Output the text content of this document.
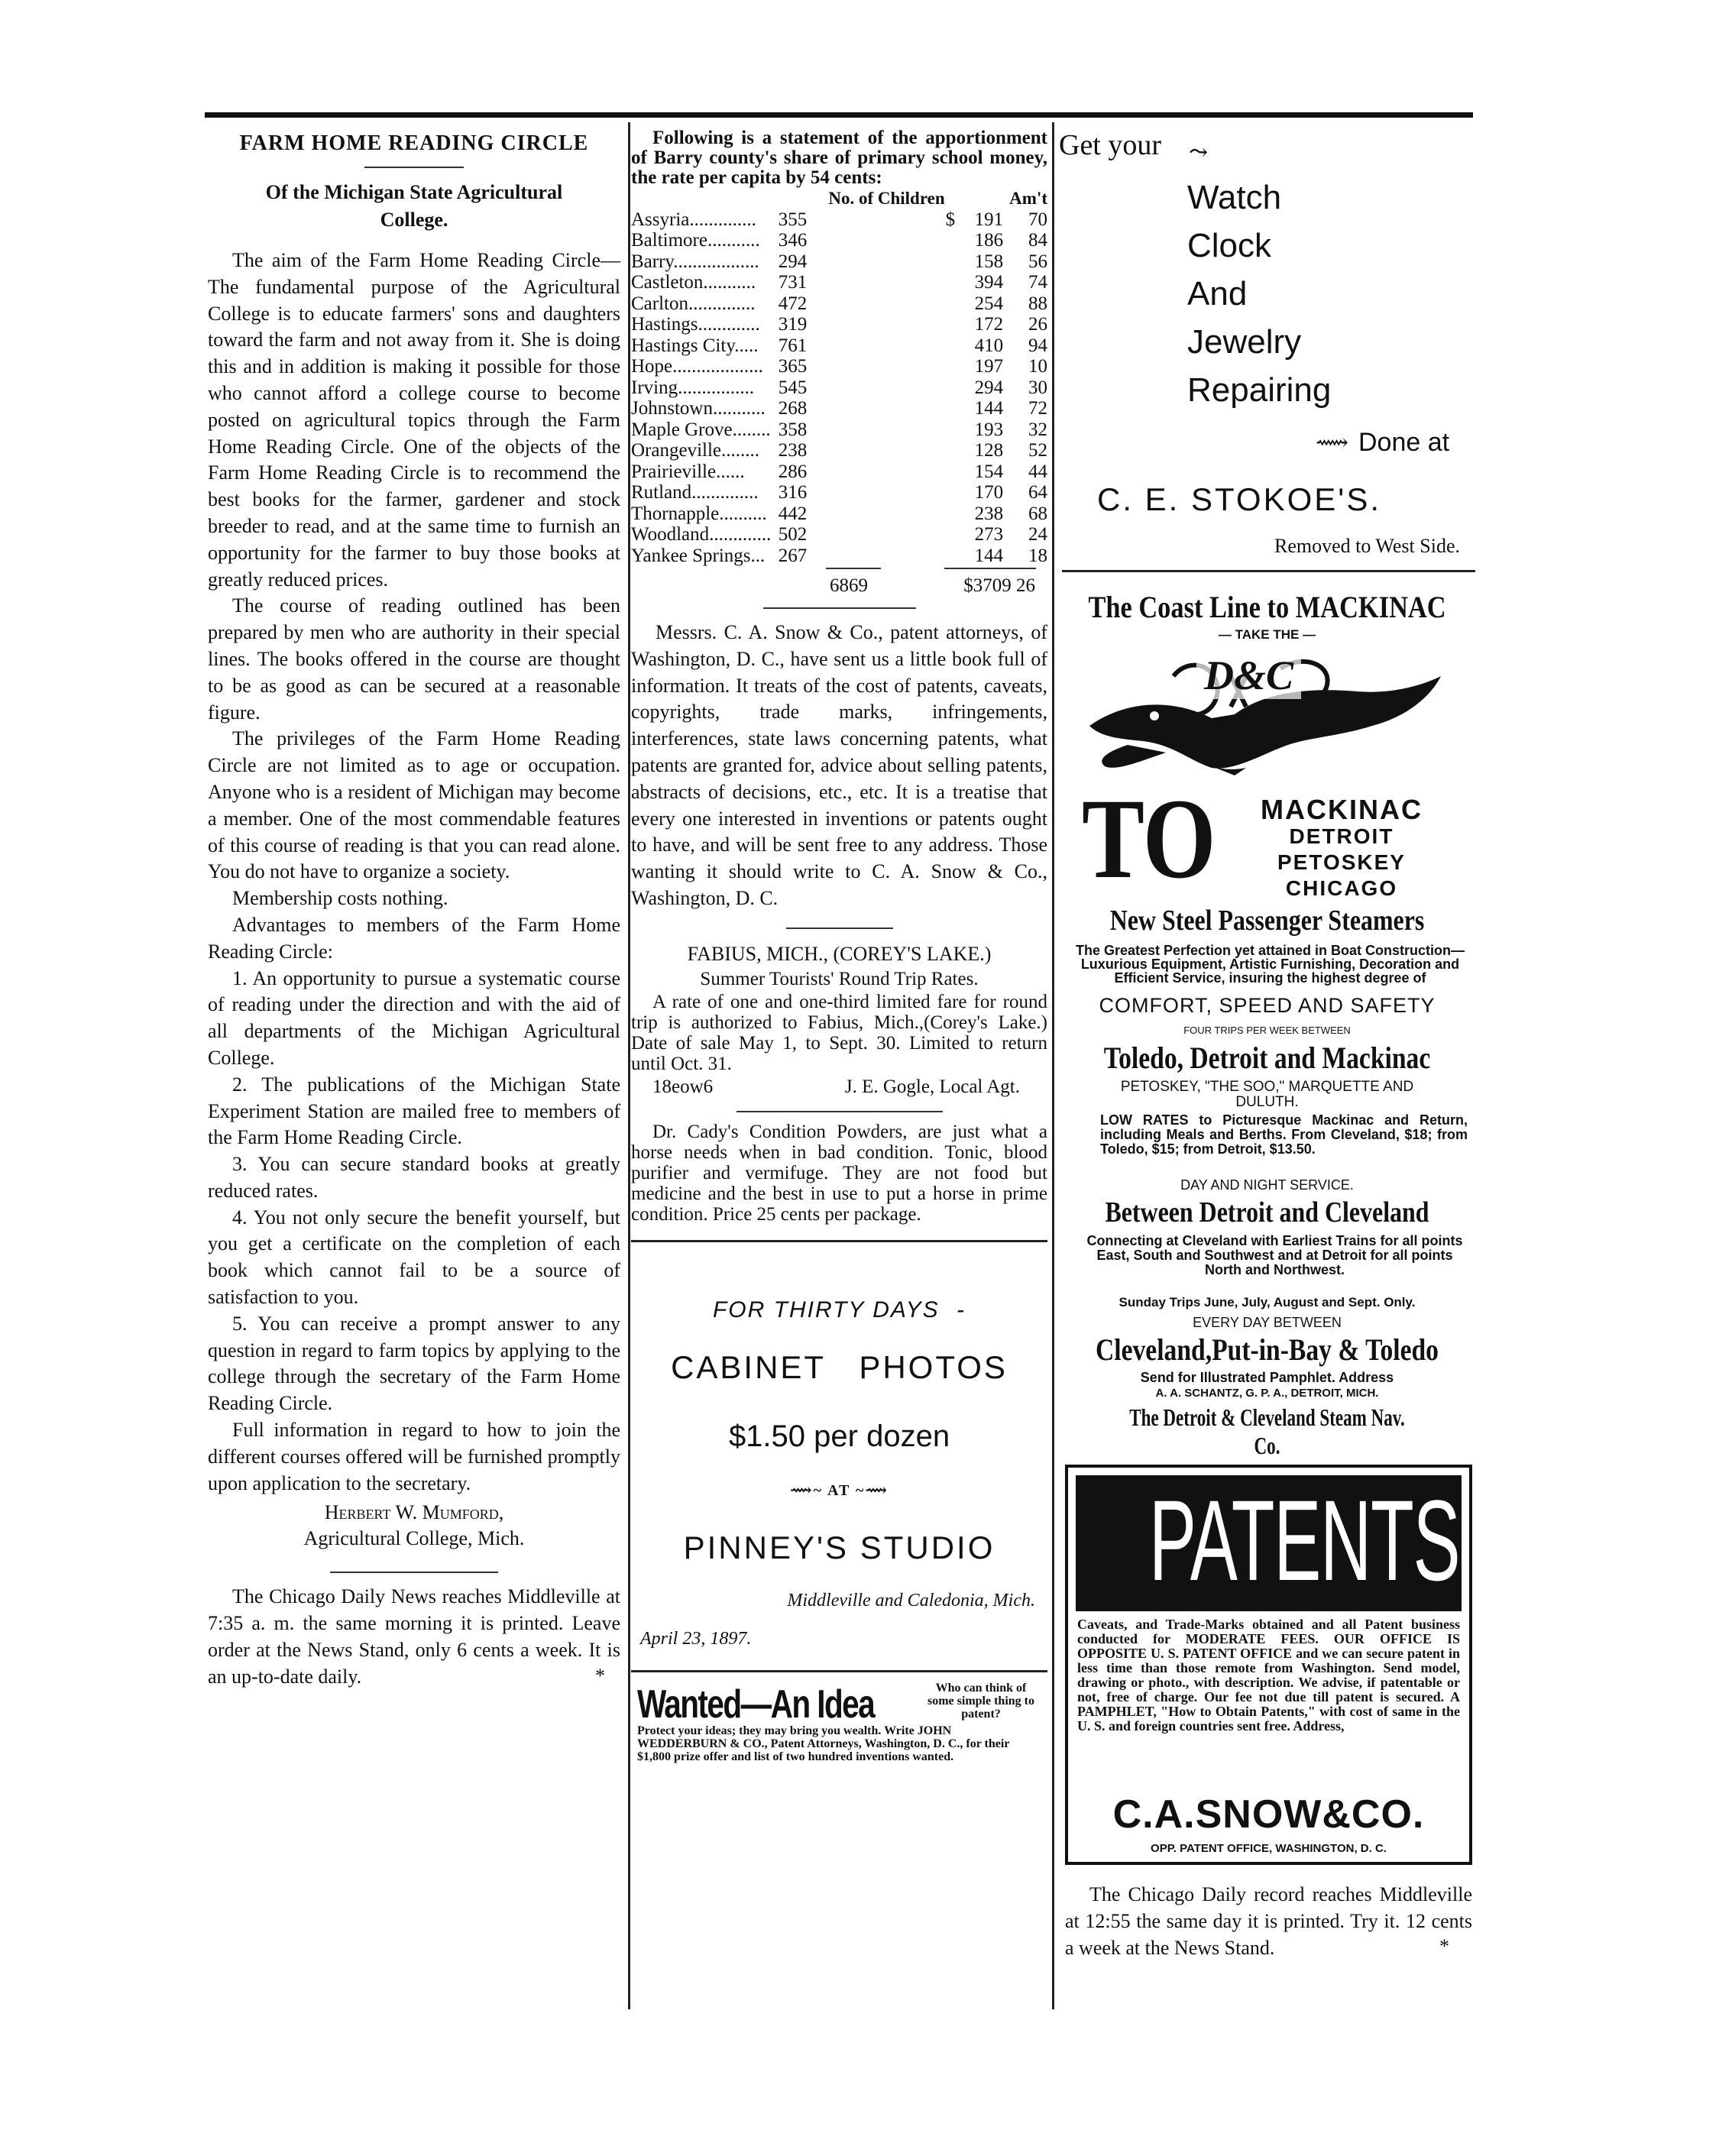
FARM HOME READING CIRCLE
Of the Michigan State Agricultural
College.

The aim of the Farm Home Reading Circle—The fundamental purpose of the Agricultural College is to educate farmers' sons and daughters toward the farm and not away from it. She is doing this and in addition is making it possible for those who cannot afford a college course to become posted on agricultural topics through the Farm Home Reading Circle. One of the objects of the Farm Home Reading Circle is to recommend the best books for the farmer, gardener and stock breeder to read, and at the same time to furnish an opportunity for the farmer to buy those books at greatly reduced prices.

The course of reading outlined has been prepared by men who are authority in their special lines. The books offered in the course are thought to be as good as can be secured at a reasonable figure.

The privileges of the Farm Home Reading Circle are not limited as to age or occupation. Anyone who is a resident of Michigan may become a member. One of the most commendable features of this course of reading is that you can read alone. You do not have to organize a society.

Membership costs nothing.

Advantages to members of the Farm Home Reading Circle:

1. An opportunity to pursue a systematic course of reading under the direction and with the aid of all departments of the Michigan Agricultural College.

2. The publications of the Michigan State Experiment Station are mailed free to members of the Farm Home Reading Circle.

3. You can secure standard books at greatly reduced rates.

4. You not only secure the benefit yourself, but you get a certificate on the completion of each book which cannot fail to be a source of satisfaction to you.

5. You can receive a prompt answer to any question in regard to farm topics by applying to the college through the secretary of the Farm Home Reading Circle.

Full information in regard to how to join the different courses offered will be furnished promptly upon application to the secretary.

Herbert W. Mumford,
Agricultural College, Mich.

The Chicago Daily News reaches Middleville at 7:35 a. m. the same morning it is printed. Leave order at the News Stand, only 6 cents a week. It is an up-to-date daily.	*
Following is a statement of the apportionment of Barry county's share of primary school money, the rate per capita by 54 cents:
	No. of Children		Am't
Assyria..............	355	$	191	70
Baltimore...........	346		186	84
Barry..................	294		158	56
Castleton...........	731		394	74
Carlton..............	472		254	88
Hastings.............	319		172	26
Hastings City.....	761		410	94
Hope...................	365		197	10
Irving................	545		294	30
Johnstown...........	268		144	72
Maple Grove........	358		193	32
Orangeville........	238		128	52
Prairieville......	286		154	44
Rutland..............	316		170	64
Thornapple..........	442		238	68
Woodland.............	502		273	24
Yankee Springs...	267		144	18
6869	$3709 26

Messrs. C. A. Snow & Co., patent attorneys, of Washington, D. C., have sent us a little book full of information. It treats of the cost of patents, caveats, copyrights, trade marks, infringements, interferences, state laws concerning patents, what patents are granted for, advice about selling patents, abstracts of decisions, etc., etc. It is a treatise that every one interested in inventions or patents ought to have, and will be sent free to any address. Those wanting it should write to C. A. Snow & Co., Washington, D. C.

FABIUS, MICH., (COREY'S LAKE.)
Summer Tourists' Round Trip Rates.
A rate of one and one-third limited fare for round trip is authorized to Fabius, Mich.,(Corey's Lake.) Date of sale May 1, to Sept. 30. Limited to return until Oct. 31.
18eow6	J. E. Gogle, Local Agt.
Dr. Cady's Condition Powders, are just what a horse needs when in bad condition. Tonic, blood purifier and vermifuge. They are not food but medicine and the best in use to put a horse in prime condition. Price 25 cents per package.
FOR THIRTY DAYS -
CABINET   PHOTOS
$1.50 per dozen
⟿~ AT ~⟿
PINNEY'S STUDIO
Middleville and Caledonia, Mich.
April 23, 1897.
Wanted—An Idea	Who can think of some simple thing to patent?
Protect your ideas; they may bring you wealth. Write JOHN WEDDERBURN & CO., Patent Attorneys, Washington, D. C., for their $1,800 prize offer and list of two hundred inventions wanted.
Get your ⤳
Watch
Clock
And
Jewelry
Repairing
⟿ Done at
C. E. STOKOE'S.
Removed to West Side.
The Coast Line to MACKINAC
— TAKE THE —
D&C
TO	MACKINAC
DETROIT
PETOSKEY
CHICAGO
New Steel Passenger Steamers
The Greatest Perfection yet attained in Boat Construction—Luxurious Equipment, Artistic Furnishing, Decoration and Efficient Service, insuring the highest degree of
COMFORT, SPEED AND SAFETY
FOUR TRIPS PER WEEK BETWEEN
Toledo, Detroit and Mackinac
PETOSKEY, "THE SOO," MARQUETTE AND DULUTH.
LOW RATES to Picturesque Mackinac and Return, including Meals and Berths. From Cleveland, $18; from Toledo, $15; from Detroit, $13.50.
DAY AND NIGHT SERVICE.
Between Detroit and Cleveland
Connecting at Cleveland with Earliest Trains for all points East, South and Southwest and at Detroit for all points North and Northwest.
Sunday Trips June, July, August and Sept. Only.
EVERY DAY BETWEEN
Cleveland,Put-in-Bay & Toledo
Send for Illustrated Pamphlet. Address
A. A. SCHANTZ, G. P. A., DETROIT, MICH.
The Detroit & Cleveland Steam Nav. Co.
PATENTS
Caveats, and Trade-Marks obtained and all Patent business conducted for MODERATE FEES. OUR OFFICE IS OPPOSITE U. S. PATENT OFFICE and we can secure patent in less time than those remote from Washington. Send model, drawing or photo., with description. We advise, if patentable or not, free of charge. Our fee not due till patent is secured. A PAMPHLET, "How to Obtain Patents," with cost of same in the U. S. and foreign countries sent free. Address,
C.A.SNOW&CO.
OPP. PATENT OFFICE, WASHINGTON, D. C.

The Chicago Daily record reaches Middleville at 12:55 the same day it is printed. Try it. 12 cents a week at the News Stand.	*
